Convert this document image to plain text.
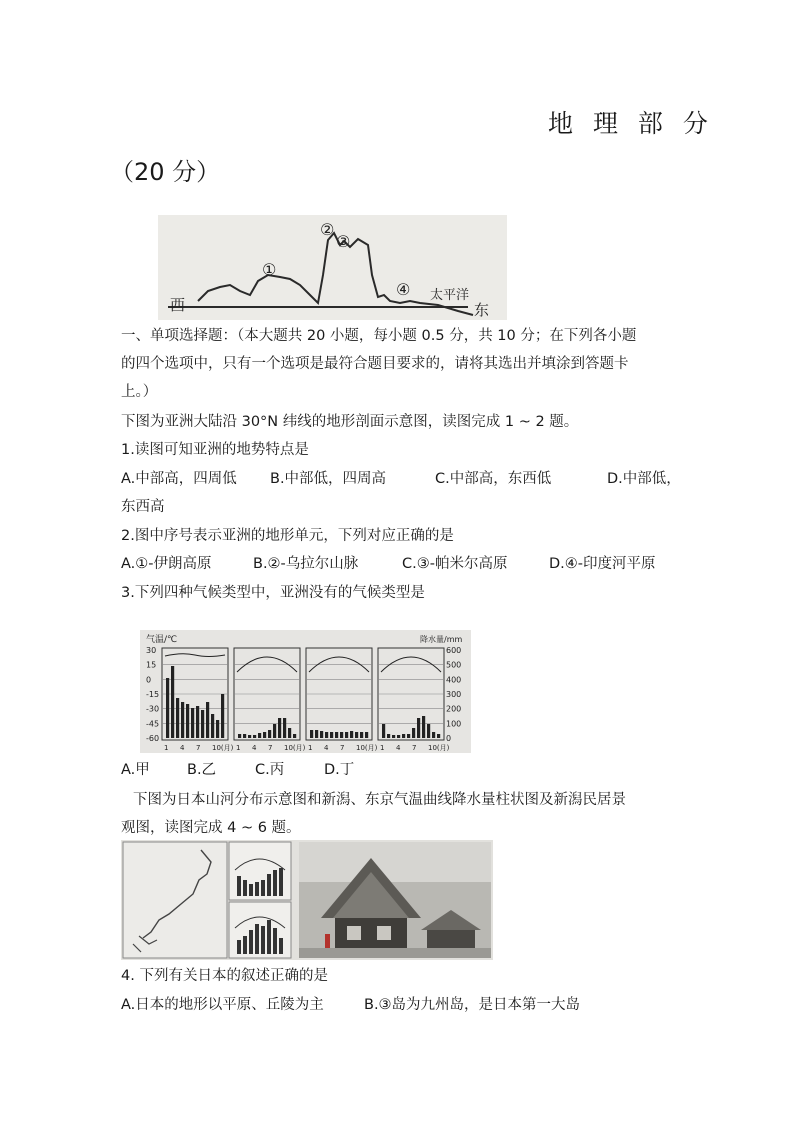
地 理 部 分
（20 分）
西
①
②
③
④ 太平洋
东
一、单项选择题：（本大题共 20 小题，每小题 0.5 分，共 10 分；在下列各小题
的四个选项中，只有一个选项是最符合题目要求的，请将其选出并填涂到答题卡
上。）
下图为亚洲大陆沿 30°N 纬线的地形剖面示意图，读图完成 1 ~ 2 题。
1.读图可知亚洲的地势特点是
A.中部高，四周低 B.中部低，四周高	C.中部高，东西低	D.中部低，
东西高
2.图中序号表示亚洲的地形单元，下列对应正确的是
A.①-伊朗高原	B.②-乌拉尔山脉	C.③-帕米尔高原	D.④-印度河平原
3.下列四种气候类型中，亚洲没有的气候类型是
气温/℃	降水量/mm
30
15
0
-15
-30
-45
-60
600
500
400
300
200
100
0
1 4 7 10(月) 1 4 7 10(月) 1 4 7 10(月) 1 4 7 10(月)
A.甲	B.乙	C.丙	D.丁
下图为日本山河分布示意图和新潟、东京气温曲线降水量柱状图及新潟民居景
观图，读图完成 4 ~ 6 题。
4. 下列有关日本的叙述正确的是
A.日本的地形以平原、丘陵为主	B.③岛为九州岛，是日本第一大岛
